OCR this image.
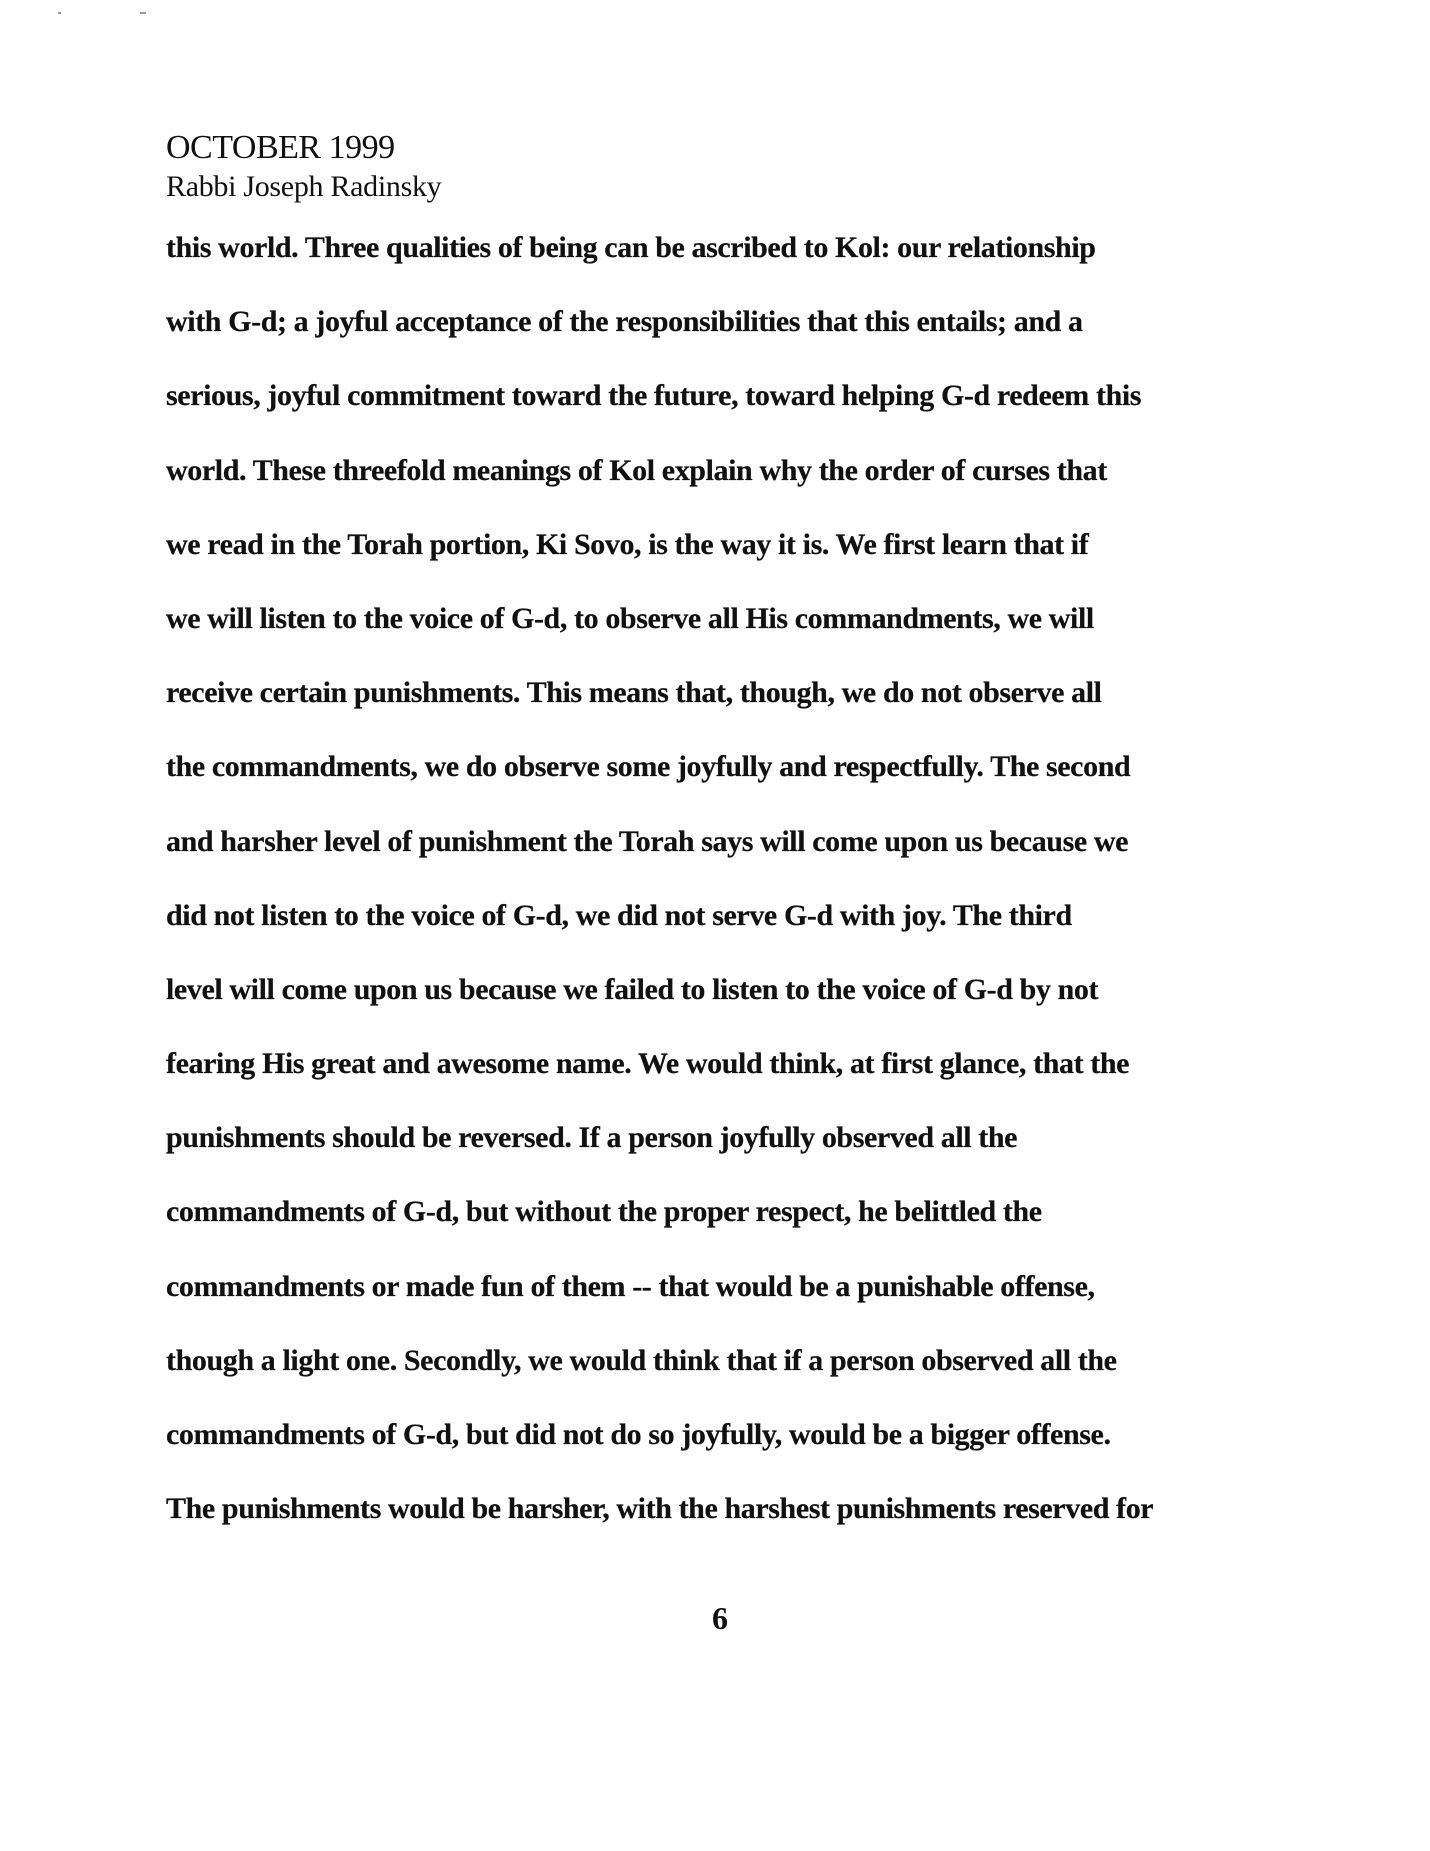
OCTOBER 1999
Rabbi Joseph Radinsky
this world. Three qualities of being can be ascribed to Kol: our relationship
with G-d; a joyful acceptance of the responsibilities that this entails; and a
serious, joyful commitment toward the future, toward helping G-d redeem this
world. These threefold meanings of Kol explain why the order of curses that
we read in the Torah portion, Ki Sovo, is the way it is. We first learn that if
we will listen to the voice of G-d, to observe all His commandments, we will
receive certain punishments. This means that, though, we do not observe all
the commandments, we do observe some joyfully and respectfully. The second
and harsher level of punishment the Torah says will come upon us because we
did not listen to the voice of G-d, we did not serve G-d with joy. The third
level will come upon us because we failed to listen to the voice of G-d by not
fearing His great and awesome name. We would think, at first glance, that the
punishments should be reversed. If a person joyfully observed all the
commandments of G-d, but without the proper respect, he belittled the
commandments or made fun of them -- that would be a punishable offense,
though a light one. Secondly, we would think that if a person observed all the
commandments of G-d, but did not do so joyfully, would be a bigger offense.
The punishments would be harsher, with the harshest punishments reserved for
6
